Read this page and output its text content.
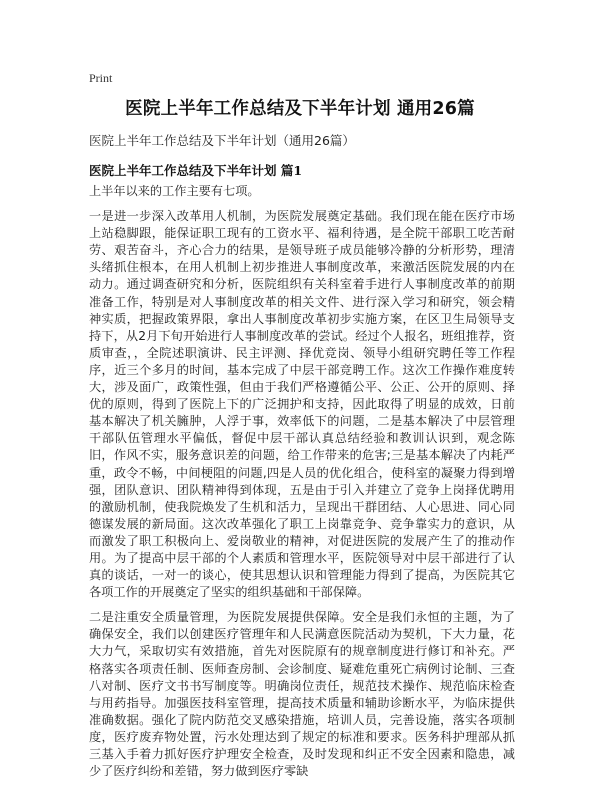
Print
医院上半年工作总结及下半年计划 通用26篇
医院上半年工作总结及下半年计划（通用26篇）
医院上半年工作总结及下半年计划 篇1

上半年以来的工作主要有七项。

一是进一步深入改革用人机制，为医院发展奠定基础。我们现在能在医疗市场上站稳脚跟，能保证职工现有的工资水平、福利待遇，是全院干部职工吃苦耐劳、艰苦奋斗，齐心合力的结果，是领导班子成员能够冷静的分析形势，理清头绪抓住根本，在用人机制上初步推进人事制度改革，来激活医院发展的内在动力。通过调查研究和分析，医院组织有关科室着手进行人事制度改革的前期准备工作，特别是对人事制度改革的相关文件、进行深入学习和研究，领会精神实质，把握政策界限，拿出人事制度改革初步实施方案，在区卫生局领导支持下，从2月下旬开始进行人事制度改革的尝试。经过个人报名，班组推荐，资质审查，，全院述职演讲、民主评测、择优竞岗、领导小组研究聘任等工作程序，近三个多月的时间，基本完成了中层干部竞聘工作。这次工作操作难度转大，涉及面广，政策性强，但由于我们严格遵循公平、公正、公开的原则、择优的原则，得到了医院上下的广泛拥护和支持，因此取得了明显的成效，日前基本解决了机关臃肿，人浮于事，效率低下的问题，二是基本解决了中层管理干部队伍管理水平偏低，督促中层干部认真总结经验和教训认识到，观念陈旧，作风不实，服务意识差的问题，给工作带来的危害;三是基本解决了内耗严重，政令不畅，中间梗阻的问题,四是人员的优化组合，使科室的凝聚力得到增强，团队意识、团队精神得到体现，五是由于引入并建立了竞争上岗择优聘用的激励机制，使我院焕发了生机和活力，呈现出干群团结、人心思进、同心同德谋发展的新局面。这次改革强化了职工上岗靠竞争、竞争靠实力的意识，从而激发了职工积极向上、爱岗敬业的精神，对促进医院的发展产生了的推动作用。为了提高中层干部的个人素质和管理水平，医院领导对中层干部进行了认真的谈话，一对一的谈心，使其思想认识和管理能力得到了提高，为医院其它各项工作的开展奠定了坚实的组织基础和干部保障。

二是注重安全质量管理，为医院发展提供保障。安全是我们永恒的主题，为了确保安全，我们以创建医疗管理年和人民满意医院活动为契机，下大力量，花大力气，采取切实有效措施，首先对医院原有的规章制度进行修订和补充。严格落实各项责任制、医师查房制、会诊制度、疑难危重死亡病例讨论制、三查八对制、医疗文书书写制度等。明确岗位责任，规范技术操作、规范临床检查与用药指导。加强医技科室管理，提高技术质量和辅助诊断水平，为临床提供准确数据。强化了院内防范交叉感染措施，培训人员，完善设施，落实各项制度，医疗废弃物处置，污水处理达到了规定的标准和要求。医务科护理部从抓三基入手着力抓好医疗护理安全检查，及时发现和纠正不安全因素和隐患，减少了医疗纠纷和差错，努力做到医疗零缺
